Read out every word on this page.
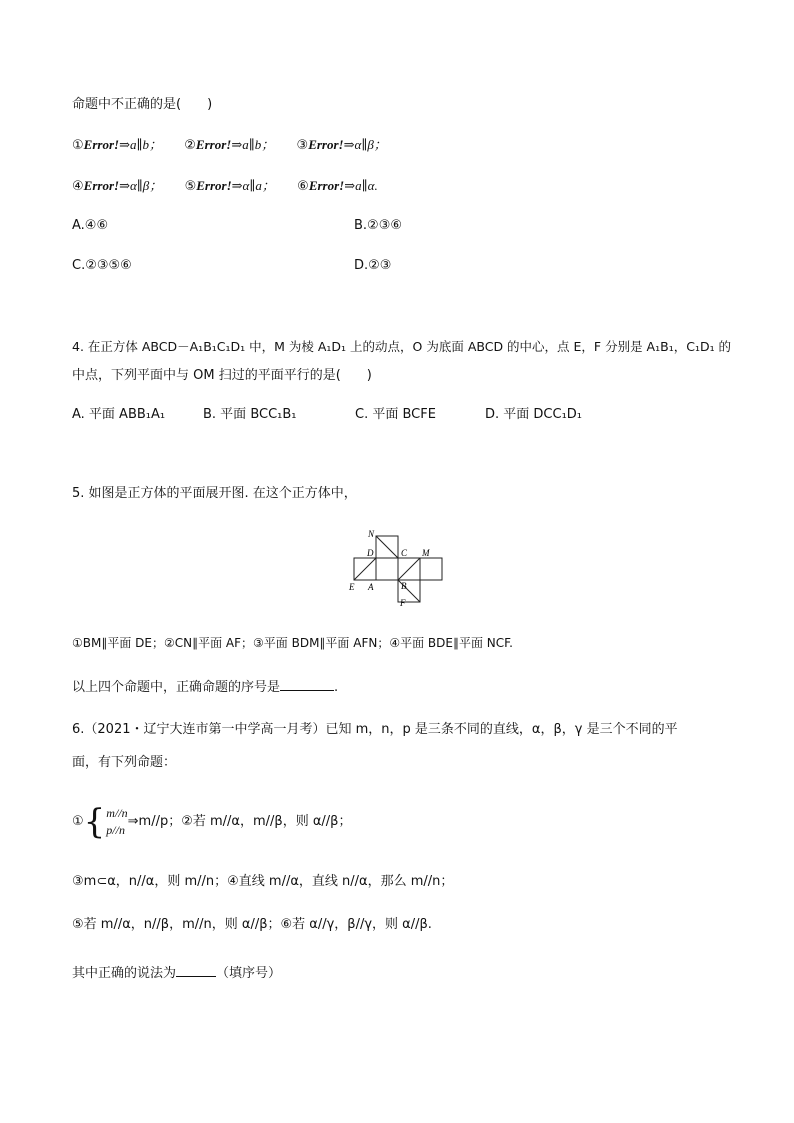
命题中不正确的是(　　)
①Error!⇒a∥b； ②Error!⇒a∥b； ③Error!⇒α∥β；
④Error!⇒α∥β； ⑤Error!⇒α∥a； ⑥Error!⇒a∥α.
A.④⑥	B.②③⑥
C.②③⑤⑥	D.②③
4. 在正方体 ABCD－A₁B₁C₁D₁ 中，M 为棱 A₁D₁ 上的动点，O 为底面 ABCD 的中心，点 E，F 分别是 A₁B₁，C₁D₁ 的
中点，下列平面中与 OM 扫过的平面平行的是(　　)
A. 平面 ABB₁A₁	B. 平面 BCC₁B₁	C. 平面 BCFE	D. 平面 DCC₁D₁
5. 如图是正方体的平面展开图. 在这个正方体中，
N
D	C M
E A	B
F
①BM∥平面 DE；②CN∥平面 AF；③平面 BDM∥平面 AFN；④平面 BDE∥平面 NCF.
以上四个命题中，正确命题的序号是	.
6.（2021・辽宁大连市第一中学高一月考）已知 m，n，p 是三条不同的直线，α，β，γ 是三个不同的平
面，有下列命题：
① { m//n
p//n
⇒m//p；②若 m//α，m//β，则 α//β；
③m⊂α，n//α，则 m//n；④直线 m//α，直线 n//α，那么 m//n；
⑤若 m//α，n//β，m//n，则 α//β；⑥若 α//γ，β//γ，则 α//β.
其中正确的说法为	（填序号）
